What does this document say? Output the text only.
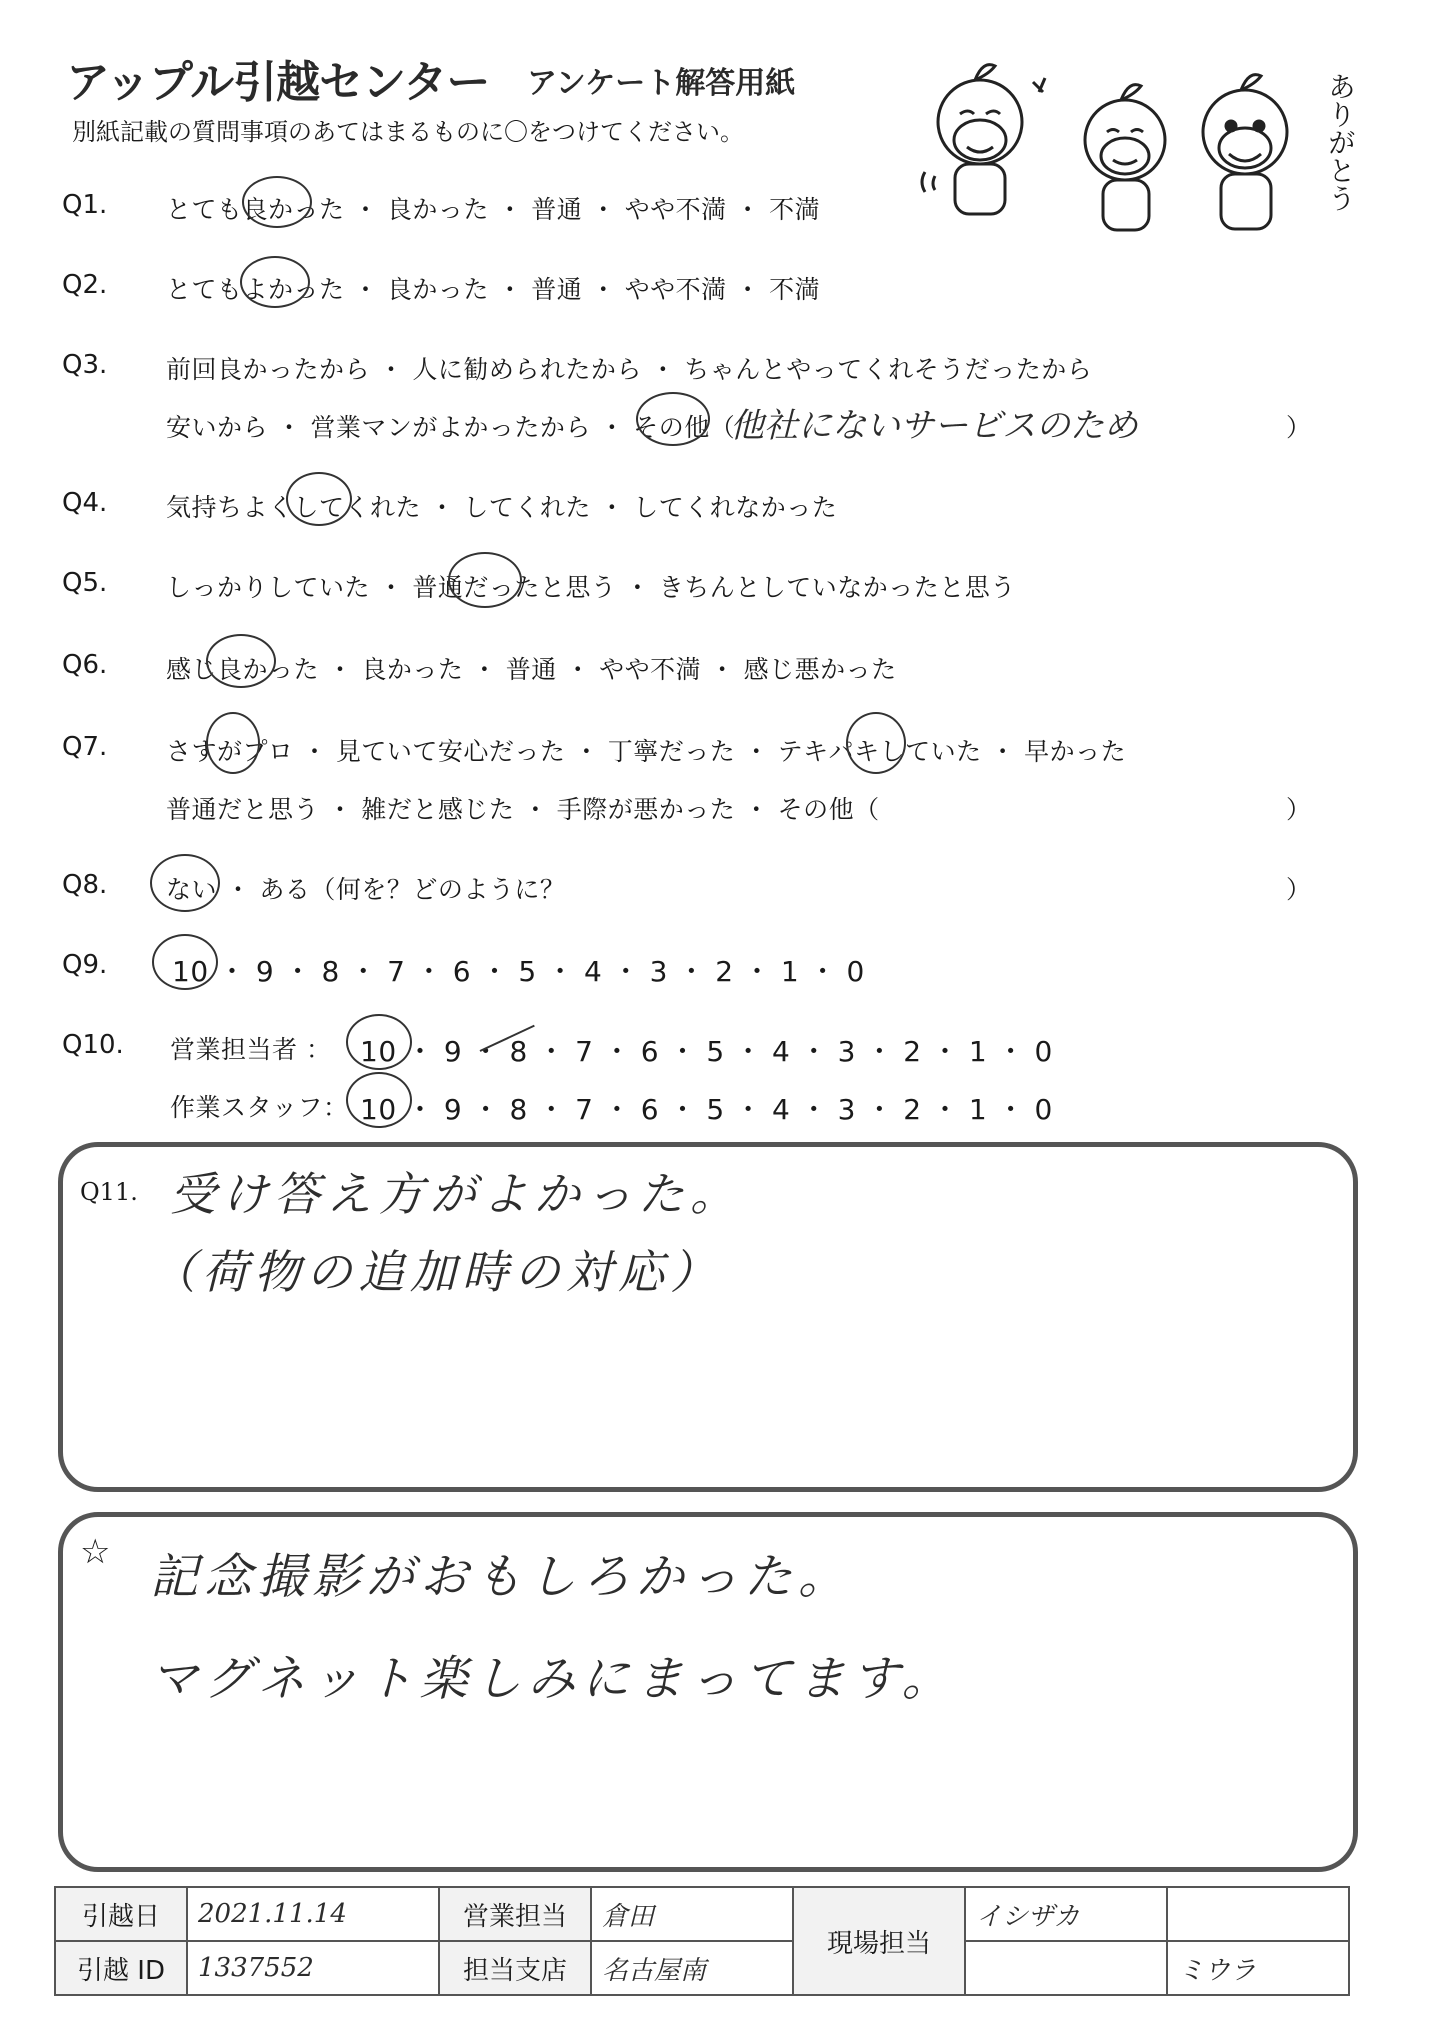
アップル引越センター アンケート解答用紙
別紙記載の質問事項のあてはまるものに〇をつけてください。	ありがとう
Q1. とても良かった ・ 良かった ・ 普通 ・ やや不満 ・ 不満
Q2. とてもよかった ・ 良かった ・ 普通 ・ やや不満 ・ 不満
Q3. 前回良かったから ・ 人に勧められたから ・ ちゃんとやってくれそうだったから
安いから ・ 営業マンがよかったから ・ その他（
他社にないサービスのため	）
Q4. 気持ちよくしてくれた ・ してくれた ・ してくれなかった
Q5. しっかりしていた ・ 普通だったと思う ・ きちんとしていなかったと思う
Q6. 感じ良かった ・ 良かった ・ 普通 ・ やや不満 ・ 感じ悪かった
Q7. さすがプロ ・ 見ていて安心だった ・ 丁寧だった ・ テキパキしていた ・ 早かった
普通だと思う ・ 雑だと感じた ・ 手際が悪かった ・ その他（	）
Q8. ない ・ ある（何を？どのように？	）
Q9. 10 ・ 9 ・ 8 ・ 7 ・ 6 ・ 5 ・ 4 ・ 3 ・ 2 ・ 1 ・ 0
Q10. 営業担当者 ： 10 ・ 9 ・ 8 ・ 7 ・ 6 ・ 5 ・ 4 ・ 3 ・ 2 ・ 1 ・ 0
作業スタッフ： 10 ・ 9 ・ 8 ・ 7 ・ 6 ・ 5 ・ 4 ・ 3 ・ 2 ・ 1 ・ 0
Q11. 受け答え方がよかった。
（荷物の追加時の対応）
☆ 記念撮影がおもしろかった。
マグネット楽しみにまってます。
引越日	2021.11.14	営業担当	倉田	現場担当	イシザカ	
引越 ID	1337552	担当支店	名古屋南			ミウラ
